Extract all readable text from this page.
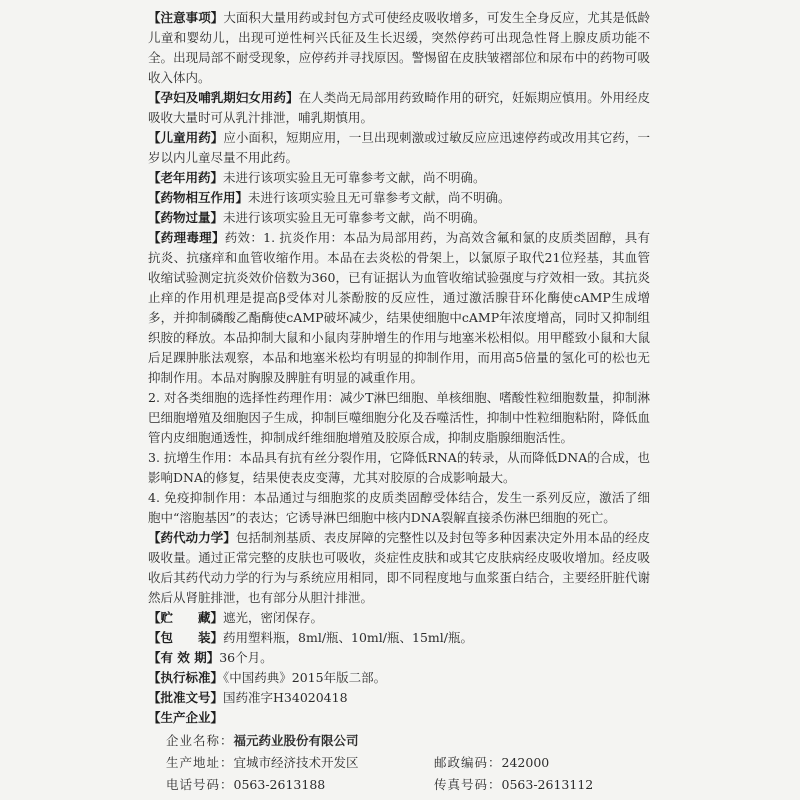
【注意事项】大面积大量用药或封包方式可使经皮吸收增多，可发生全身反应，尤其是低龄儿童和婴幼儿，出现可逆性柯兴氏征及生长迟缓，突然停药可出现急性肾上腺皮质功能不全。出现局部不耐受现象，应停药并寻找原因。警惕留在皮肤皱褶部位和尿布中的药物可吸收入体内。

【孕妇及哺乳期妇女用药】在人类尚无局部用药致畸作用的研究，妊娠期应慎用。外用经皮吸收大量时可从乳汁排泄，哺乳期慎用。

【儿童用药】应小面积，短期应用，一旦出现刺激或过敏反应应迅速停药或改用其它药，一岁以内儿童尽量不用此药。

【老年用药】未进行该项实验且无可靠参考文献，尚不明确。

【药物相互作用】未进行该项实验且无可靠参考文献，尚不明确。

【药物过量】未进行该项实验且无可靠参考文献，尚不明确。

【药理毒理】药效：1. 抗炎作用：本品为局部用药，为高效含氟和氯的皮质类固醇，具有抗炎、抗瘙痒和血管收缩作用。本品在去炎松的骨架上，以氯原子取代21位羟基，其血管收缩试验测定抗炎效价倍数为360，已有证据认为血管收缩试验强度与疗效相一致。其抗炎止痒的作用机理是提高β受体对儿茶酚胺的反应性，通过激活腺苷环化酶使cAMP生成增多，并抑制磷酸乙酯酶使cAMP破坏减少，结果使细胞中cAMP年浓度增高，同时又抑制组织胺的释放。本品抑制大鼠和小鼠肉芽肿增生的作用与地塞米松相似。用甲醛致小鼠和大鼠后足踝肿胀法观察，本品和地塞米松均有明显的抑制作用，而用高5倍量的氢化可的松也无抑制作用。本品对胸腺及脾脏有明显的减重作用。

2. 对各类细胞的选择性药理作用：减少T淋巴细胞、单核细胞、嗜酸性粒细胞数量，抑制淋巴细胞增殖及细胞因子生成，抑制巨噬细胞分化及吞噬活性，抑制中性粒细胞粘附，降低血管内皮细胞通透性，抑制成纤维细胞增殖及胶原合成，抑制皮脂腺细胞活性。

3. 抗增生作用：本品具有抗有丝分裂作用，它降低RNA的转录，从而降低DNA的合成，也影响DNA的修复，结果使表皮变薄，尤其对胶原的合成影响最大。

4. 免疫抑制作用：本品通过与细胞浆的皮质类固醇受体结合，发生一系列反应，激活了细胞中“溶胞基因”的表达；它诱导淋巴细胞中核内DNA裂解直接杀伤淋巴细胞的死亡。

【药代动力学】包括制剂基质、表皮屏障的完整性以及封包等多种因素决定外用本品的经皮吸收量。通过正常完整的皮肤也可吸收，炎症性皮肤和或其它皮肤病经皮吸收增加。经皮吸收后其药代动力学的行为与系统应用相同，即不同程度地与血浆蛋白结合，主要经肝脏代谢然后从肾脏排泄，也有部分从胆汁排泄。

【贮　　藏】遮光，密闭保存。

【包　　装】药用塑料瓶，8ml/瓶、10ml/瓶、15ml/瓶。

【有 效 期】36个月。

【执行标准】《中国药典》2015年版二部。

【批准文号】国药准字H34020418

【生产企业】

企业名称： 福元药业股份有限公司
生产地址：宜城市经济技术开发区	邮政编码：242000
电话号码：0563-2613188	传真号码：0563-2613112
